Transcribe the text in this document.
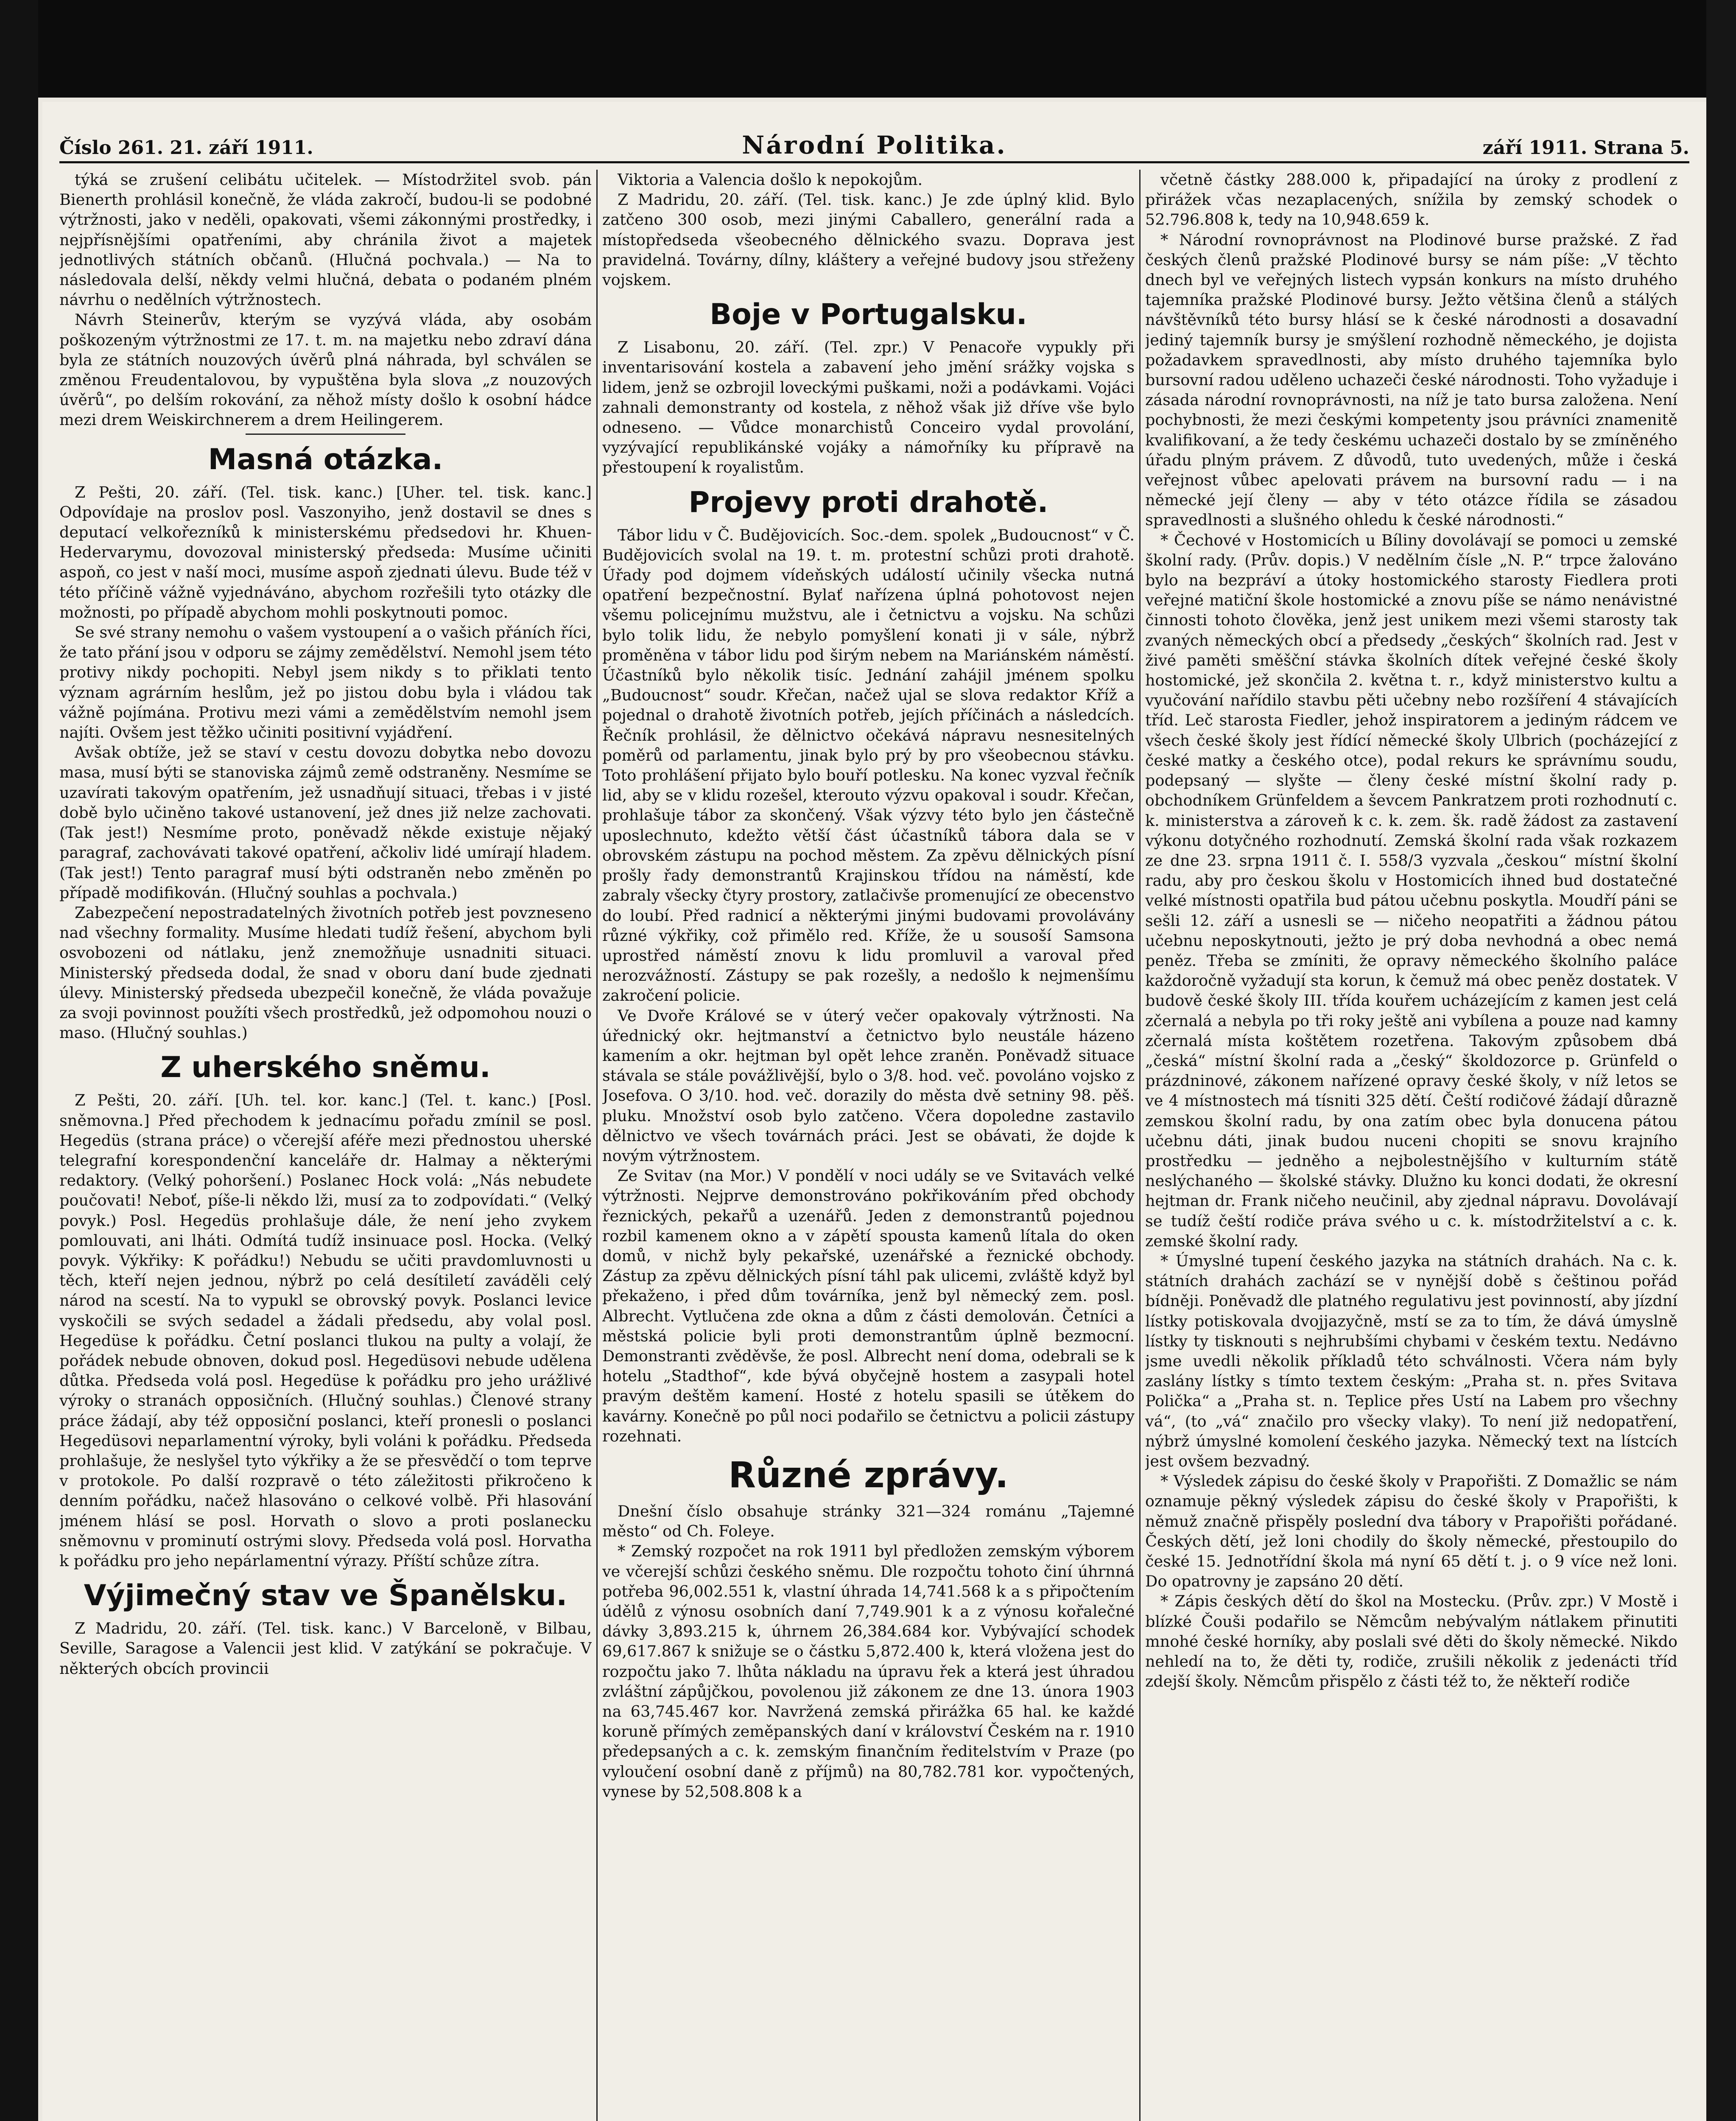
Číslo 261. 21. září 1911.	Národní Politika.	září 1911. Strana 5.

týká se zrušení celibátu učitelek. — Místodržitel svob. pán Bienerth prohlásil konečně, že vláda zakročí, budou-li se podobné výtržnosti, jako v neděli, opakovati, všemi zákonnými prostředky, i nejpřísnějšími opatřeními, aby chránila život a majetek jednotlivých státních občanů. (Hlučná pochvala.) — Na to následovala delší, někdy velmi hlučná, debata o podaném plném návrhu o nedělních výtržnostech.

Návrh Steinerův, kterým se vyzývá vláda, aby osobám poškozeným výtržnostmi ze 17. t. m. na majetku nebo zdraví dána byla ze státních nouzových úvěrů plná náhrada, byl schválen se změnou Freudentalovou, by vypuštěna byla slova „z nouzových úvěrů“, po delším rokování, za něhož místy došlo k osobní hádce mezi drem Weiskirchnerem a drem Heilingerem.

Masná otázka.

Z Pešti, 20. září. (Tel. tisk. kanc.) [Uher. tel. tisk. kanc.] Odpovídaje na proslov posl. Vaszonyiho, jenž dostavil se dnes s deputací velkořezníků k ministerskému předsedovi hr. Khuen-Hedervarymu, dovozoval ministerský předseda: Musíme učiniti aspoň, co jest v naší moci, musíme aspoň zjednati úlevu. Bude též v této příčině vážně vyjednáváno, abychom rozřešili tyto otázky dle možnosti, po případě abychom mohli poskytnouti pomoc.

Se své strany nemohu o vašem vystoupení a o vašich přáních říci, že tato přání jsou v odporu se zájmy zemědělství. Nemohl jsem této protivy nikdy pochopiti. Nebyl jsem nikdy s to přiklati tento význam agrárním heslům, jež po jistou dobu byla i vládou tak vážně pojímána. Protivu mezi vámi a zemědělstvím nemohl jsem najíti. Ovšem jest těžko učiniti positivní vyjádření.

Avšak obtíže, jež se staví v cestu dovozu dobytka nebo dovozu masa, musí býti se stanoviska zájmů země odstraněny. Nesmíme se uzavírati takovým opatřením, jež usnadňují situaci, třebas i v jisté době bylo učiněno takové ustanovení, jež dnes již nelze zachovati. (Tak jest!) Nesmíme proto, poněvadž někde existuje nějaký paragraf, zachovávati takové opatření, ačkoliv lidé umírají hladem. (Tak jest!) Tento paragraf musí býti odstraněn nebo změněn po případě modifikován. (Hlučný souhlas a pochvala.)

Zabezpečení nepostradatelných životních potřeb jest povzneseno nad všechny formality. Musíme hledati tudíž řešení, abychom byli osvobozeni od nátlaku, jenž znemožňuje usnadniti situaci. Ministerský předseda dodal, že snad v oboru daní bude zjednati úlevy. Ministerský předseda ubezpečil konečně, že vláda považuje za svoji povinnost použíti všech prostředků, jež odpomohou nouzi o maso. (Hlučný souhlas.)

Z uherského sněmu.

Z Pešti, 20. září. [Uh. tel. kor. kanc.] (Tel. t. kanc.) [Posl. sněmovna.] Před přechodem k jednacímu pořadu zmínil se posl. Hegedüs (strana práce) o včerejší aféře mezi přednostou uherské telegrafní korespondenční kanceláře dr. Halmay a některými redaktory. (Velký pohoršení.) Poslanec Hock volá: „Nás nebudete poučovati! Neboť, píše-li někdo lži, musí za to zodpovídati.“ (Velký povyk.) Posl. Hegedüs prohlašuje dále, že není jeho zvykem pomlouvati, ani lháti. Odmítá tudíž insinuace posl. Hocka. (Velký povyk. Výkřiky: K pořádku!) Nebudu se učiti pravdomluvnosti u těch, kteří nejen jednou, nýbrž po celá desítiletí zaváděli celý národ na scestí. Na to vypukl se obrovský povyk. Poslanci levice vyskočili se svých sedadel a žádali předsedu, aby volal posl. Hegedüse k pořádku. Četní poslanci tlukou na pulty a volají, že pořádek nebude obnoven, dokud posl. Hegedüsovi nebude udělena důtka. Předseda volá posl. Hegedüse k pořádku pro jeho urážlivé výroky o stranách opposičních. (Hlučný souhlas.) Členové strany práce žádají, aby též opposiční poslanci, kteří pronesli o poslanci Hegedüsovi neparlamentní výroky, byli voláni k pořádku. Předseda prohlašuje, že neslyšel tyto výkřiky a že se přesvědčí o tom teprve v protokole. Po další rozpravě o této záležitosti přikročeno k denním pořádku, načež hlasováno o celkové volbě. Při hlasování jménem hlásí se posl. Horvath o slovo a proti poslanecku sněmovnu v prominutí ostrými slovy. Předseda volá posl. Horvatha k pořádku pro jeho nepárlamentní výrazy. Příští schůze zítra.

Výjimečný stav ve Španělsku.

Z Madridu, 20. září. (Tel. tisk. kanc.) V Barceloně, v Bilbau, Seville, Saragose a Valencii jest klid. V zatýkání se pokračuje. V některých obcích provincii

Viktoria a Valencia došlo k nepokojům.

Z Madridu, 20. září. (Tel. tisk. kanc.) Je zde úplný klid. Bylo zatčeno 300 osob, mezi jinými Caballero, generální rada a místopředseda všeobecného dělnického svazu. Doprava jest pravidelná. Továrny, dílny, kláštery a veřejné budovy jsou střeženy vojskem.

Boje v Portugalsku.

Z Lisabonu, 20. září. (Tel. zpr.) V Penacoře vypukly při inventarisování kostela a zabavení jeho jmění srážky vojska s lidem, jenž se ozbrojil loveckými puškami, noži a podávkami. Vojáci zahnali demonstranty od kostela, z něhož však již dříve vše bylo odneseno. — Vůdce monarchistů Conceiro vydal provolání, vyzývající republikánské vojáky a námořníky ku přípravě na přestoupení k royalistům.

Projevy proti drahotě.

Tábor lidu v Č. Budějovicích. Soc.-dem. spolek „Budoucnost“ v Č. Budějovicích svolal na 19. t. m. protestní schůzi proti drahotě. Úřady pod dojmem vídeňských událostí učinily všecka nutná opatření bezpečnostní. Bylať nařízena úplná pohotovost nejen všemu policejnímu mužstvu, ale i četnictvu a vojsku. Na schůzi bylo tolik lidu, že nebylo pomyšlení konati ji v sále, nýbrž proměněna v tábor lidu pod širým nebem na Mariánském náměstí. Účastníků bylo několik tisíc. Jednání zahájil jménem spolku „Budoucnost“ soudr. Křečan, načež ujal se slova redaktor Kříž a pojednal o drahotě životních potřeb, jejích příčinách a následcích. Řečník prohlásil, že dělnictvo očekává nápravu nesnesitelných poměrů od parlamentu, jinak bylo prý by pro všeobecnou stávku. Toto prohlášení přijato bylo bouří potlesku. Na konec vyzval řečník lid, aby se v klidu rozešel, kterouto výzvu opakoval i soudr. Křečan, prohlašuje tábor za skončený. Však výzvy této bylo jen částečně uposlechnuto, kdežto větší část účastníků tábora dala se v obrovském zástupu na pochod městem. Za zpěvu dělnických písní prošly řady demonstrantů Krajinskou třídou na náměstí, kde zabraly všecky čtyry prostory, zatlačivše promenující ze obecenstvo do loubí. Před radnicí a některými jinými budovami provolávány různé výkřiky, což přimělo red. Kříže, že u sousoší Samsona uprostřed náměstí znovu k lidu promluvil a varoval před nerozvážností. Zástupy se pak rozešly, a nedošlo k nejmenšímu zakročení policie.

Ve Dvoře Králové se v úterý večer opakovaly výtržnosti. Na úřednický okr. hejtmanství a četnictvo bylo neustále házeno kamením a okr. hejtman byl opět lehce zraněn. Poněvadž situace stávala se stále povážlivější, bylo o 3/8. hod. več. povoláno vojsko z Josefova. O 3/10. hod. več. dorazily do města dvě setniny 98. pěš. pluku. Množství osob bylo zatčeno. Včera dopoledne zastavilo dělnictvo ve všech továrnách práci. Jest se obávati, že dojde k novým výtržnostem.

Ze Svitav (na Mor.) V pondělí v noci udály se ve Svitavách velké výtržnosti. Nejprve demonstrováno pokřikováním před obchody řeznických, pekařů a uzenářů. Jeden z demonstrantů pojednou rozbil kamenem okno a v zápětí spousta kamenů lítala do oken domů, v nichž byly pekařské, uzenářské a řeznické obchody. Zástup za zpěvu dělnických písní táhl pak ulicemi, zvláště když byl překaženo, i před dům továrníka, jenž byl německý zem. posl. Albrecht. Vytlučena zde okna a dům z části demolován. Četníci a městská policie byli proti demonstrantům úplně bezmocní. Demonstranti zvěděvše, že posl. Albrecht není doma, odebrali se k hotelu „Stadthof“, kde bývá obyčejně hostem a zasypali hotel pravým deštěm kamení. Hosté z hotelu spasili se útěkem do kavárny. Konečně po půl noci podařilo se četnictvu a policii zástupy rozehnati.

Různé zprávy.

Dnešní číslo obsahuje stránky 321—324 románu „Tajemné město“ od Ch. Foleye.

* Zemský rozpočet na rok 1911 byl předložen zemským výborem ve včerejší schůzi českého sněmu. Dle rozpočtu tohoto činí úhrnná potřeba 96,002.551 k, vlastní úhrada 14,741.568 k a s připočtením údělů z výnosu osobních daní 7,749.901 k a z výnosu kořalečné dávky 3,893.215 k, úhrnem 26,384.684 kor. Vybývající schodek 69,617.867 k snižuje se o částku 5,872.400 k, která vložena jest do rozpočtu jako 7. lhůta nákladu na úpravu řek a která jest úhradou zvláštní zápůjčkou, povolenou již zákonem ze dne 13. února 1903 na 63,745.467 kor. Navržená zemská přirážka 65 hal. ke každé koruně přímých zeměpanských daní v království Českém na r. 1910 předepsaných a c. k. zemským finančním ředitelstvím v Praze (po vyloučení osobní daně z příjmů) na 80,782.781 kor. vypočtených, vynese by 52,508.808 k a

včetně částky 288.000 k, připadající na úroky z prodlení z přirážek včas nezaplacených, snížila by zemský schodek o 52.796.808 k, tedy na 10,948.659 k.

* Národní rovnoprávnost na Plodinové burse pražské. Z řad českých členů pražské Plodinové bursy se nám píše: „V těchto dnech byl ve veřejných listech vypsán konkurs na místo druhého tajemníka pražské Plodinové bursy. Ježto většina členů a stálých návštěvníků této bursy hlásí se k české národnosti a dosavadní jediný tajemník bursy je smýšlení rozhodně německého, je dojista požadavkem spravedlnosti, aby místo druhého tajemníka bylo bursovní radou uděleno uchazeči české národnosti. Toho vyžaduje i zásada národní rovnoprávnosti, na níž je tato bursa založena. Není pochybnosti, že mezi českými kompetenty jsou právníci znamenitě kvalifikovaní, a že tedy českému uchazeči dostalo by se zmíněného úřadu plným právem. Z důvodů, tuto uvedených, může i česká veřejnost vůbec apelovati právem na bursovní radu — i na německé její členy — aby v této otázce řídila se zásadou spravedlnosti a slušného ohledu k české národnosti.“

* Čechové v Hostomicích u Bíliny dovolávají se pomoci u zemské školní rady. (Prův. dopis.) V nedělním čísle „N. P.“ trpce žalováno bylo na bezpráví a útoky hostomického starosty Fiedlera proti veřejné matiční škole hostomické a znovu píše se námo nenávistné činnosti tohoto člověka, jenž jest unikem mezi všemi starosty tak zvaných německých obcí a předsedy „českých“ školních rad. Jest v živé paměti směšční stávka školních dítek veřejné české školy hostomické, jež skončila 2. května t. r., když ministerstvo kultu a vyučování nařídilo stavbu pěti učebny nebo rozšíření 4 stávajících tříd. Leč starosta Fiedler, jehož inspiratorem a jediným rádcem ve všech české školy jest řídící německé školy Ulbrich (pocházející z české matky a českého otce), podal rekurs ke správnímu soudu, podepsaný — slyšte — členy české místní školní rady p. obchodníkem Grünfeldem a ševcem Pankratzem proti rozhodnutí c. k. ministerstva a zároveň k c. k. zem. šk. radě žádost za zastavení výkonu dotyčného rozhodnutí. Zemská školní rada však rozkazem ze dne 23. srpna 1911 č. I. 558/3 vyzvala „českou“ místní školní radu, aby pro českou školu v Hostomicích ihned bud dostatečné velké místnosti opatřila bud pátou učebnu poskytla. Moudří páni se sešli 12. září a usnesli se — ničeho neopatřiti a žádnou pátou učebnu neposkytnouti, ježto je prý doba nevhodná a obec nemá peněz. Třeba se zmíniti, že opravy německého školního paláce každoročně vyžadují sta korun, k čemuž má obec peněz dostatek. V budově české školy III. třída kouřem ucházejícím z kamen jest celá zčernalá a nebyla po tři roky ještě ani vybílena a pouze nad kamny zčernalá místa koštětem rozetřena. Takovým způsobem dbá „česká“ místní školní rada a „český“ školdozorce p. Grünfeld o prázdninové, zákonem nařízené opravy české školy, v níž letos se ve 4 místnostech má tísniti 325 dětí. Čeští rodičové žádají důrazně zemskou školní radu, by ona zatím obec byla donucena pátou učebnu dáti, jinak budou nuceni chopiti se snovu krajního prostředku — jedněho a nejbolestnějšího v kulturním státě neslýchaného — školské stávky. Dlužno ku konci dodati, že okresní hejtman dr. Frank ničeho neučinil, aby zjednal nápravu. Dovolávají se tudíž čeští rodiče práva svého u c. k. místodržitelství a c. k. zemské školní rady.

* Úmyslné tupení českého jazyka na státních drahách. Na c. k. státních drahách zachází se v nynější době s češtinou pořád bídněji. Poněvadž dle platného regulativu jest povinností, aby jízdní lístky potiskovala dvojjazyčně, mstí se za to tím, že dává úmyslně lístky ty tisknouti s nejhrubšími chybami v českém textu. Nedávno jsme uvedli několik příkladů této schválnosti. Včera nám byly zaslány lístky s tímto textem českým: „Praha st. n. přes Svitava Polička“ a „Praha st. n. Teplice přes Ustí na Labem pro všechny vá“, (to „vá“ značilo pro všecky vlaky). To není již nedopatření, nýbrž úmyslné komolení českého jazyka. Německý text na lístcích jest ovšem bezvadný.

* Výsledek zápisu do české školy v Prapořišti. Z Domažlic se nám oznamuje pěkný výsledek zápisu do české školy v Prapořišti, k němuž značně přispěly poslední dva tábory v Prapořišti pořádané. Českých dětí, jež loni chodily do školy německé, přestoupilo do české 15. Jednotřídní škola má nyní 65 dětí t. j. o 9 více než loni. Do opatrovny je zapsáno 20 dětí.

* Zápis českých dětí do škol na Mostecku. (Prův. zpr.) V Mostě i blízké Čouši podařilo se Němcům nebývalým nátlakem přinutiti mnohé české horníky, aby poslali své děti do školy německé. Nikdo nehledí na to, že děti ty, rodiče, zrušili několik z jedenácti tříd zdejší školy. Němcům přispělo z části též to, že někteří rodiče
